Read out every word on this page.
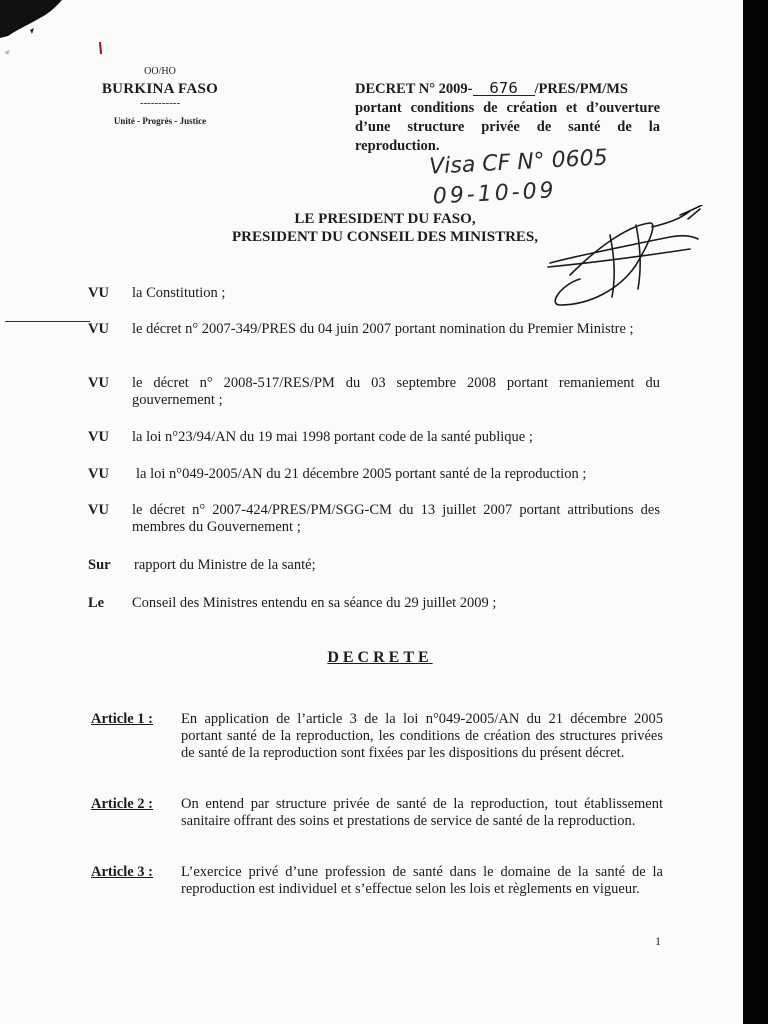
OO/HO
BURKINA FASO
-----------
Unité - Progrès - Justice
DECRET N° 2009- 676 /PRES/PM/MS
portant conditions de création et d’ouverture d’une structure privée de santé de la reproduction.
Visa CF N° 0605
09-10-09
LE PRESIDENT DU FASO,
PRESIDENT DU CONSEIL DES MINISTRES,
VU la Constitution ;
VU le décret n° 2007-349/PRES du 04 juin 2007 portant nomination du Premier Ministre ;
VU le décret n° 2008-517/RES/PM du 03 septembre 2008 portant remaniement du gouvernement ;
VU la loi n°23/94/AN du 19 mai 1998 portant code de la santé publique ;
VU la loi n°049-2005/AN du 21 décembre 2005 portant santé de la reproduction ;
VU le décret n° 2007-424/PRES/PM/SGG-CM du 13 juillet 2007 portant attributions des membres du Gouvernement ;
Sur rapport du Ministre de la santé;
Le Conseil des Ministres entendu en sa séance du 29 juillet 2009 ;
DECRETE
Article 1 : En application de l’article 3 de la loi n°049-2005/AN du 21 décembre 2005 portant santé de la reproduction, les conditions de création des structures privées de santé de la reproduction sont fixées par les dispositions du présent décret.
Article 2 : On entend par structure privée de santé de la reproduction, tout établissement sanitaire offrant des soins et prestations de service de santé de la reproduction.
Article 3 : L’exercice privé d’une profession de santé dans le domaine de la santé de la reproduction est individuel et s’effectue selon les lois et règlements en vigueur.
1
